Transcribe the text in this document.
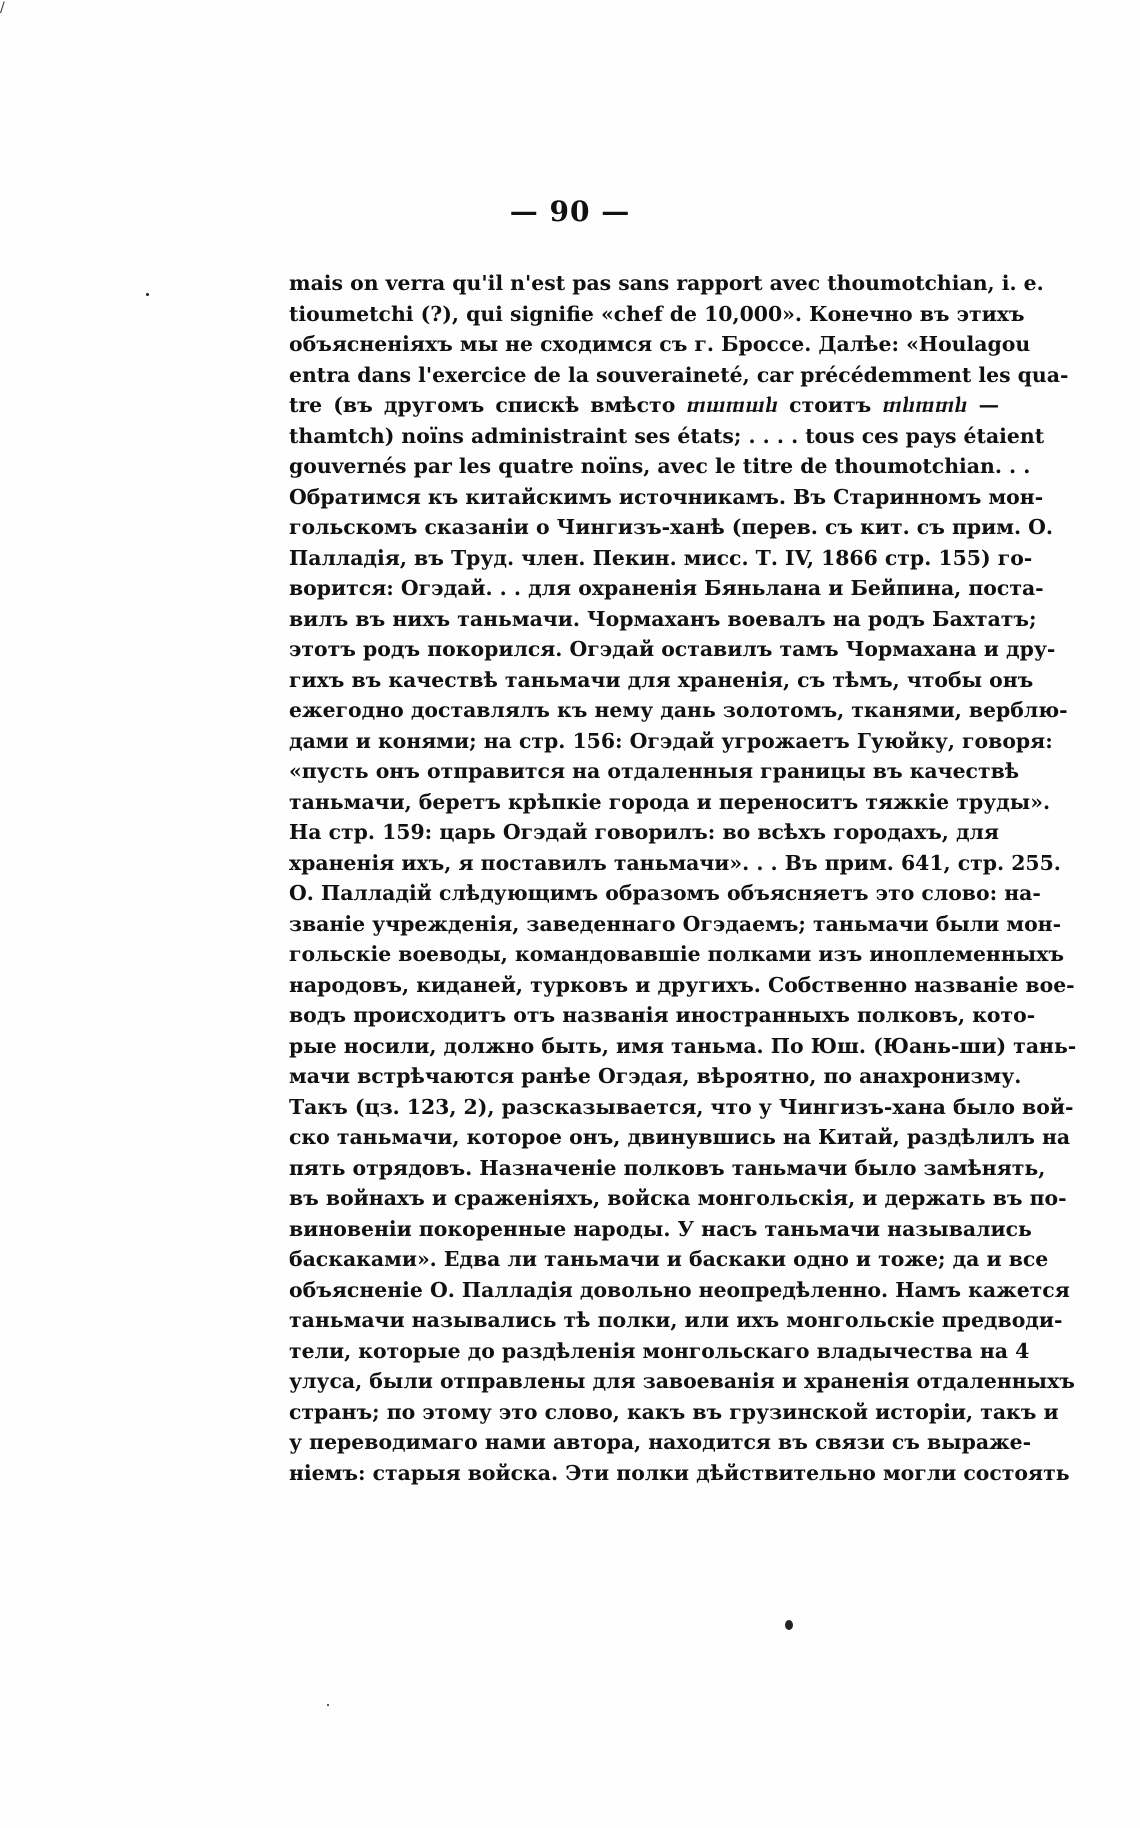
/
— 90 —
mais on verra qu'il n'est pas sans rapport avec thoumotchian, i. e.
tioumetchi (?), qui signifie «chef de 10,000». Конечно въ этихъ
объясненіяхъ мы не сходимся съ г. Броссе. Далѣе: «Houlagou
entra dans l'exercice de la souveraineté, car précédemment les qua-
tre (въ другомъ спискѣ вмѣсто ⴇⴍⴊⴍⴑ стоитъ ⴇⴑⴊⴇⴑ —
thamtch) noïns administraint ses états; . . . . tous ces pays étaient
gouvernés par les quatre noïns, avec le titre de thoumotchian. . .
Обратимся къ китайскимъ источникамъ. Въ Старинномъ мон-
гольскомъ сказаніи о Чингизъ-ханѣ (перев. съ кит. съ прим. О.
Палладія, въ Труд. член. Пекин. мисс. Т. IV, 1866 стр. 155) го-
ворится: Огэдай. . . для охраненія Бяньлана и Бейпина, поста-
вилъ въ нихъ таньмачи. Чормаханъ воевалъ на родъ Бахтатъ;
этотъ родъ покорился. Огэдай оставилъ тамъ Чормахана и дру-
гихъ въ качествѣ таньмачи для храненія, съ тѣмъ, чтобы онъ
ежегодно доставлялъ къ нему дань золотомъ, тканями, верблю-
дами и конями; на стр. 156: Огэдай угрожаетъ Гуюйку, говоря:
«пусть онъ отправится на отдаленныя границы въ качествѣ
таньмачи, беретъ крѣпкіе города и переноситъ тяжкіе труды».
На стр. 159: царь Огэдай говорилъ: во всѣхъ городахъ, для
храненія ихъ, я поставилъ таньмачи». . . Въ прим. 641, стр. 255.
О. Палладій слѣдующимъ образомъ объясняетъ это слово: на-
званіе учрежденія, заведеннаго Огэдаемъ; таньмачи были мон-
гольскіе воеводы, командовавшіе полками изъ иноплеменныхъ
народовъ, киданей, турковъ и другихъ. Собственно названіе вое-
водъ происходитъ отъ названія иностранныхъ полковъ, кото-
рые носили, должно быть, имя таньма. По Юш. (Юань-ши) тань-
мачи встрѣчаются ранѣе Огэдая, вѣроятно, по анахронизму.
Такъ (цз. 123, 2), разсказывается, что у Чингизъ-хана было вой-
ско таньмачи, которое онъ, двинувшись на Китай, раздѣлилъ на
пять отрядовъ. Назначеніе полковъ таньмачи было замѣнять,
въ войнахъ и сраженіяхъ, войска монгольскія, и держать въ по-
виновеніи покоренные народы. У насъ таньмачи назывались
баскаками». Едва ли таньмачи и баскаки одно и тоже; да и все
объясненіе О. Палладія довольно неопредѣленно. Намъ кажется
таньмачи назывались тѣ полки, или ихъ монгольскіе предводи-
тели, которые до раздѣленія монгольскаго владычества на 4
улуса, были отправлены для завоеванія и храненія отдаленныхъ
странъ; по этому это слово, какъ въ грузинской исторіи, такъ и
у переводимаго нами автора, находится въ связи съ выраже-
ніемъ: старыя войска. Эти полки дѣйствительно могли состоять
